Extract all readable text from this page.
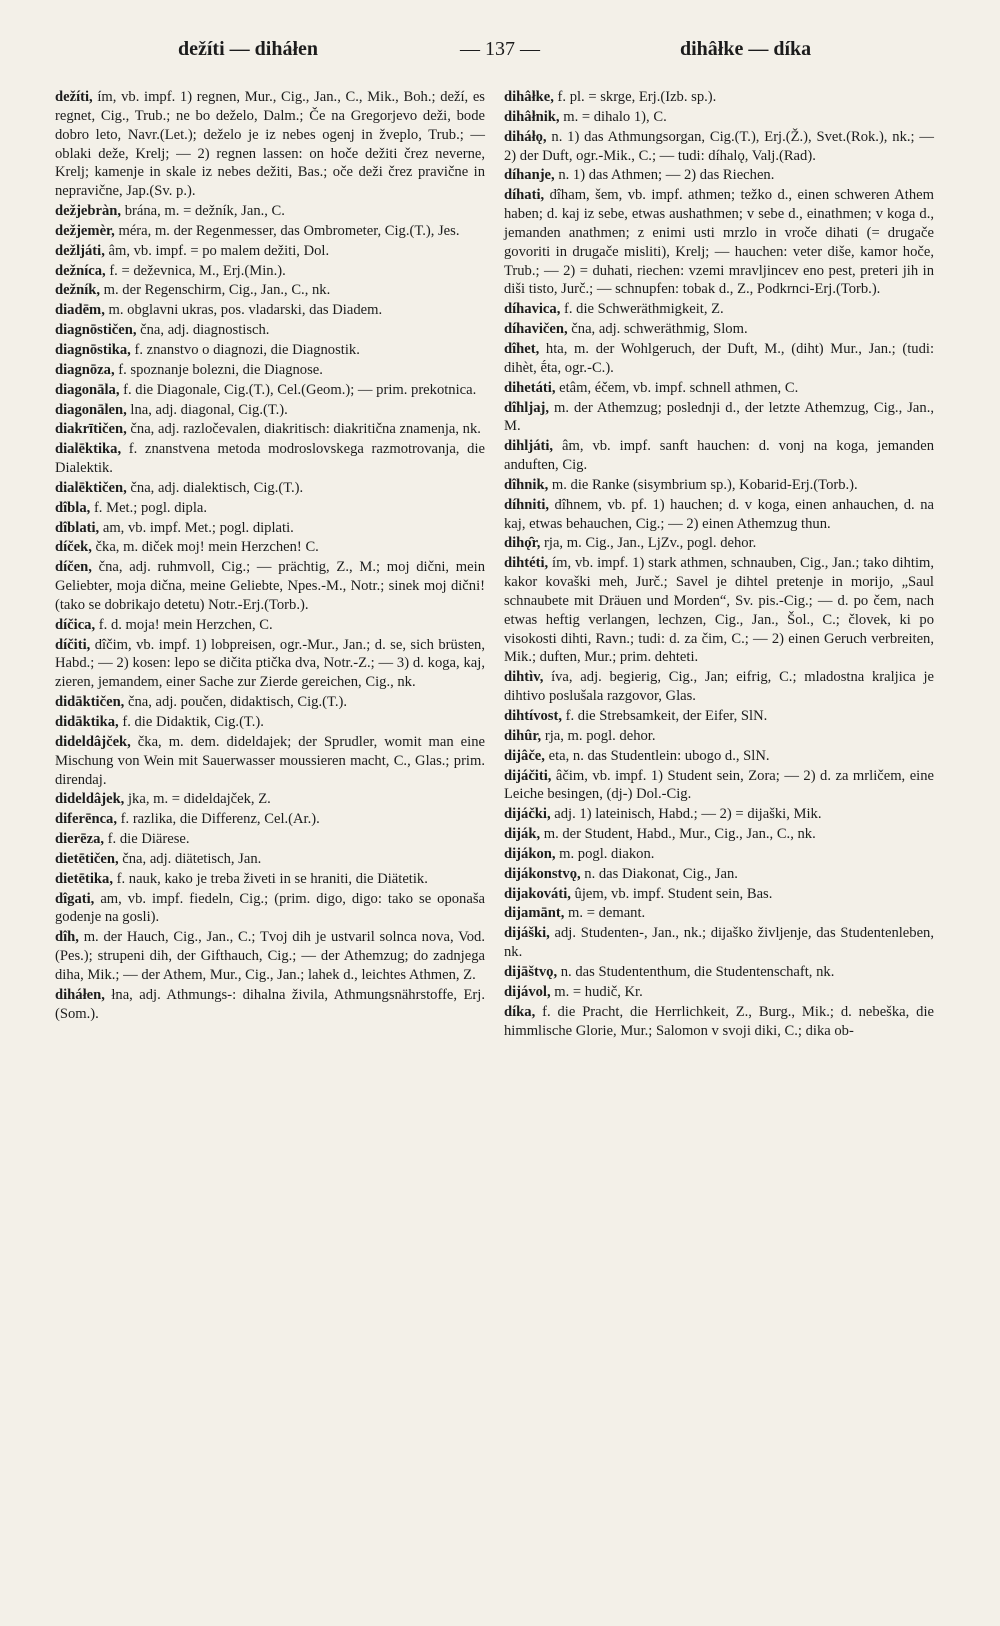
dežíti — diháłen	— 137 —	dihâłke — díka
dežíti, ím, vb. impf. 1) regnen, Mur., Cig., Jan., C., Mik., Boh.; deží, es regnet, Cig., Trub.; ne bo deželo, Dalm.; Če na Gregorjevo deži, bode dobro leto, Navr.(Let.); deželo je iz nebes ogenj in žveplo, Trub.; — oblaki deže, Krelj; — 2) regnen lassen: on hoče dežiti črez neverne, Krelj; kamenje in skale iz nebes dežiti, Bas.; oče deži črez pravične in nepravične, Jap.(Sv. p.).
dežjebràn, brána, m. = dežník, Jan., C.
dežjemèr, méra, m. der Regenmesser, das Ombrometer, Cig.(T.), Jes.
dežljáti, âm, vb. impf. = po malem dežiti, Dol.
dežníca, f. = deževnica, M., Erj.(Min.).
dežník, m. der Regenschirm, Cig., Jan., C., nk.
diadēm, m. obglavni ukras, pos. vladarski, das Diadem.
diagnōstičen, čna, adj. diagnostisch.
diagnōstika, f. znanstvo o diagnozi, die Diagnostik.
diagnōza, f. spoznanje bolezni, die Diagnose.
diagonāla, f. die Diagonale, Cig.(T.), Cel.(Geom.); — prim. prekotnica.
diagonālen, lna, adj. diagonal, Cig.(T.).
diakrītičen, čna, adj. razločevalen, diakritisch: diakritična znamenja, nk.
dialēktika, f. znanstvena metoda modroslovskega razmotrovanja, die Dialektik.
dialēktičen, čna, adj. dialektisch, Cig.(T.).
dîbla, f. Met.; pogl. dipla.
dîblati, am, vb. impf. Met.; pogl. diplati.
díček, čka, m. diček moj! mein Herzchen! C.
díčen, čna, adj. ruhmvoll, Cig.; — prächtig, Z., M.; moj dični, mein Geliebter, moja dična, meine Geliebte, Npes.-M., Notr.; sinek moj dični! (tako se dobrikajo detetu) Notr.-Erj.(Torb.).
díčica, f. d. moja! mein Herzchen, C.
díčiti, dîčim, vb. impf. 1) lobpreisen, ogr.-Mur., Jan.; d. se, sich brüsten, Habd.; — 2) kosen: lepo se dičita ptička dva, Notr.-Z.; — 3) d. koga, kaj, zieren, jemandem, einer Sache zur Zierde gereichen, Cig., nk.
didāktičen, čna, adj. poučen, didaktisch, Cig.(T.).
didāktika, f. die Didaktik, Cig.(T.).
dideldâjček, čka, m. dem. dideldajek; der Sprudler, womit man eine Mischung von Wein mit Sauerwasser moussieren macht, C., Glas.; prim. direndaj.
dideldâjek, jka, m. = dideldajček, Z.
diferēnca, f. razlika, die Differenz, Cel.(Ar.).
dierēza, f. die Diärese.
dietētičen, čna, adj. diätetisch, Jan.
dietētika, f. nauk, kako je treba živeti in se hraniti, die Diätetik.
dîgati, am, vb. impf. fiedeln, Cig.; (prim. digo, digo: tako se oponaša godenje na gosli).
dîh, m. der Hauch, Cig., Jan., C.; Tvoj dih je ustvaril solnca nova, Vod.(Pes.); strupeni dih, der Gifthauch, Cig.; — der Athemzug; do zadnjega diha, Mik.; — der Athem, Mur., Cig., Jan.; lahek d., leichtes Athmen, Z.
diháłen, łna, adj. Athmungs-: dihalna živila, Athmungsnährstoffe, Erj.(Som.).
dihâłke, f. pl. = skrge, Erj.(Izb. sp.).
dihâłnik, m. = dihalo 1), C.
diháłǫ, n. 1) das Athmungsorgan, Cig.(T.), Erj.(Ž.), Svet.(Rok.), nk.; — 2) der Duft, ogr.-Mik., C.; — tudi: díhalǫ, Valj.(Rad).
díhanje, n. 1) das Athmen; — 2) das Riechen.
díhati, dîham, šem, vb. impf. athmen; težko d., einen schweren Athem haben; d. kaj iz sebe, etwas aushathmen; v sebe d., einathmen; v koga d., jemanden anathmen; z enimi usti mrzlo in vroče dihati (= drugače govoriti in drugače misliti), Krelj; — hauchen: veter diše, kamor hoče, Trub.; — 2) = duhati, riechen: vzemi mravljincev eno pest, preteri jih in diši tisto, Jurč.; — schnupfen: tobak d., Z., Podkrnci-Erj.(Torb.).
díhavica, f. die Schweräthmigkeit, Z.
díhavičen, čna, adj. schweräthmig, Slom.
dîhet, hta, m. der Wohlgeruch, der Duft, M., (diht) Mur., Jan.; (tudi: dihèt, ḗta, ogr.-C.).
dihetáti, etâm, éčem, vb. impf. schnell athmen, C.
dîhljaj, m. der Athemzug; poslednji d., der letzte Athemzug, Cig., Jan., M.
dihljáti, âm, vb. impf. sanft hauchen: d. vonj na koga, jemanden anduften, Cig.
dîhnik, m. die Ranke (sisymbrium sp.), Kobarid-Erj.(Torb.).
díhniti, dîhnem, vb. pf. 1) hauchen; d. v koga, einen anhauchen, d. na kaj, etwas behauchen, Cig.; — 2) einen Athemzug thun.
dihǫ̑r, rja, m. Cig., Jan., LjZv., pogl. dehor.
dihtéti, ím, vb. impf. 1) stark athmen, schnauben, Cig., Jan.; tako dihtim, kakor kovaški meh, Jurč.; Savel je dihtel pretenje in morijo, „Saul schnaubete mit Dräuen und Morden“, Sv. pis.-Cig.; — d. po čem, nach etwas heftig verlangen, lechzen, Cig., Jan., Šol., C.; človek, ki po visokosti dihti, Ravn.; tudi: d. za čim, C.; — 2) einen Geruch verbreiten, Mik.; duften, Mur.; prim. dehteti.
dihtìv, íva, adj. begierig, Cig., Jan; eifrig, C.; mladostna kraljica je dihtivo poslušala razgovor, Glas.
dihtívost, f. die Strebsamkeit, der Eifer, SlN.
dihûr, rja, m. pogl. dehor.
dijâče, eta, n. das Studentlein: ubogo d., SlN.
dijáčiti, âčim, vb. impf. 1) Student sein, Zora; — 2) d. za mrličem, eine Leiche besingen, (dj-) Dol.-Cig.
dijáčki, adj. 1) lateinisch, Habd.; — 2) = dijaški, Mik.
diják, m. der Student, Habd., Mur., Cig., Jan., C., nk.
dijákon, m. pogl. diakon.
dijákonstvǫ, n. das Diakonat, Cig., Jan.
dijakováti, ûjem, vb. impf. Student sein, Bas.
dijamānt, m. = demant.
dijáški, adj. Studenten-, Jan., nk.; dijaško življenje, das Studentenleben, nk.
dijāštvǫ, n. das Studententhum, die Studentenschaft, nk.
dijávol, m. = hudič, Kr.
díka, f. die Pracht, die Herrlichkeit, Z., Burg., Mik.; d. nebeška, die himmlische Glorie, Mur.; Salomon v svoji diki, C.; dika ob-
